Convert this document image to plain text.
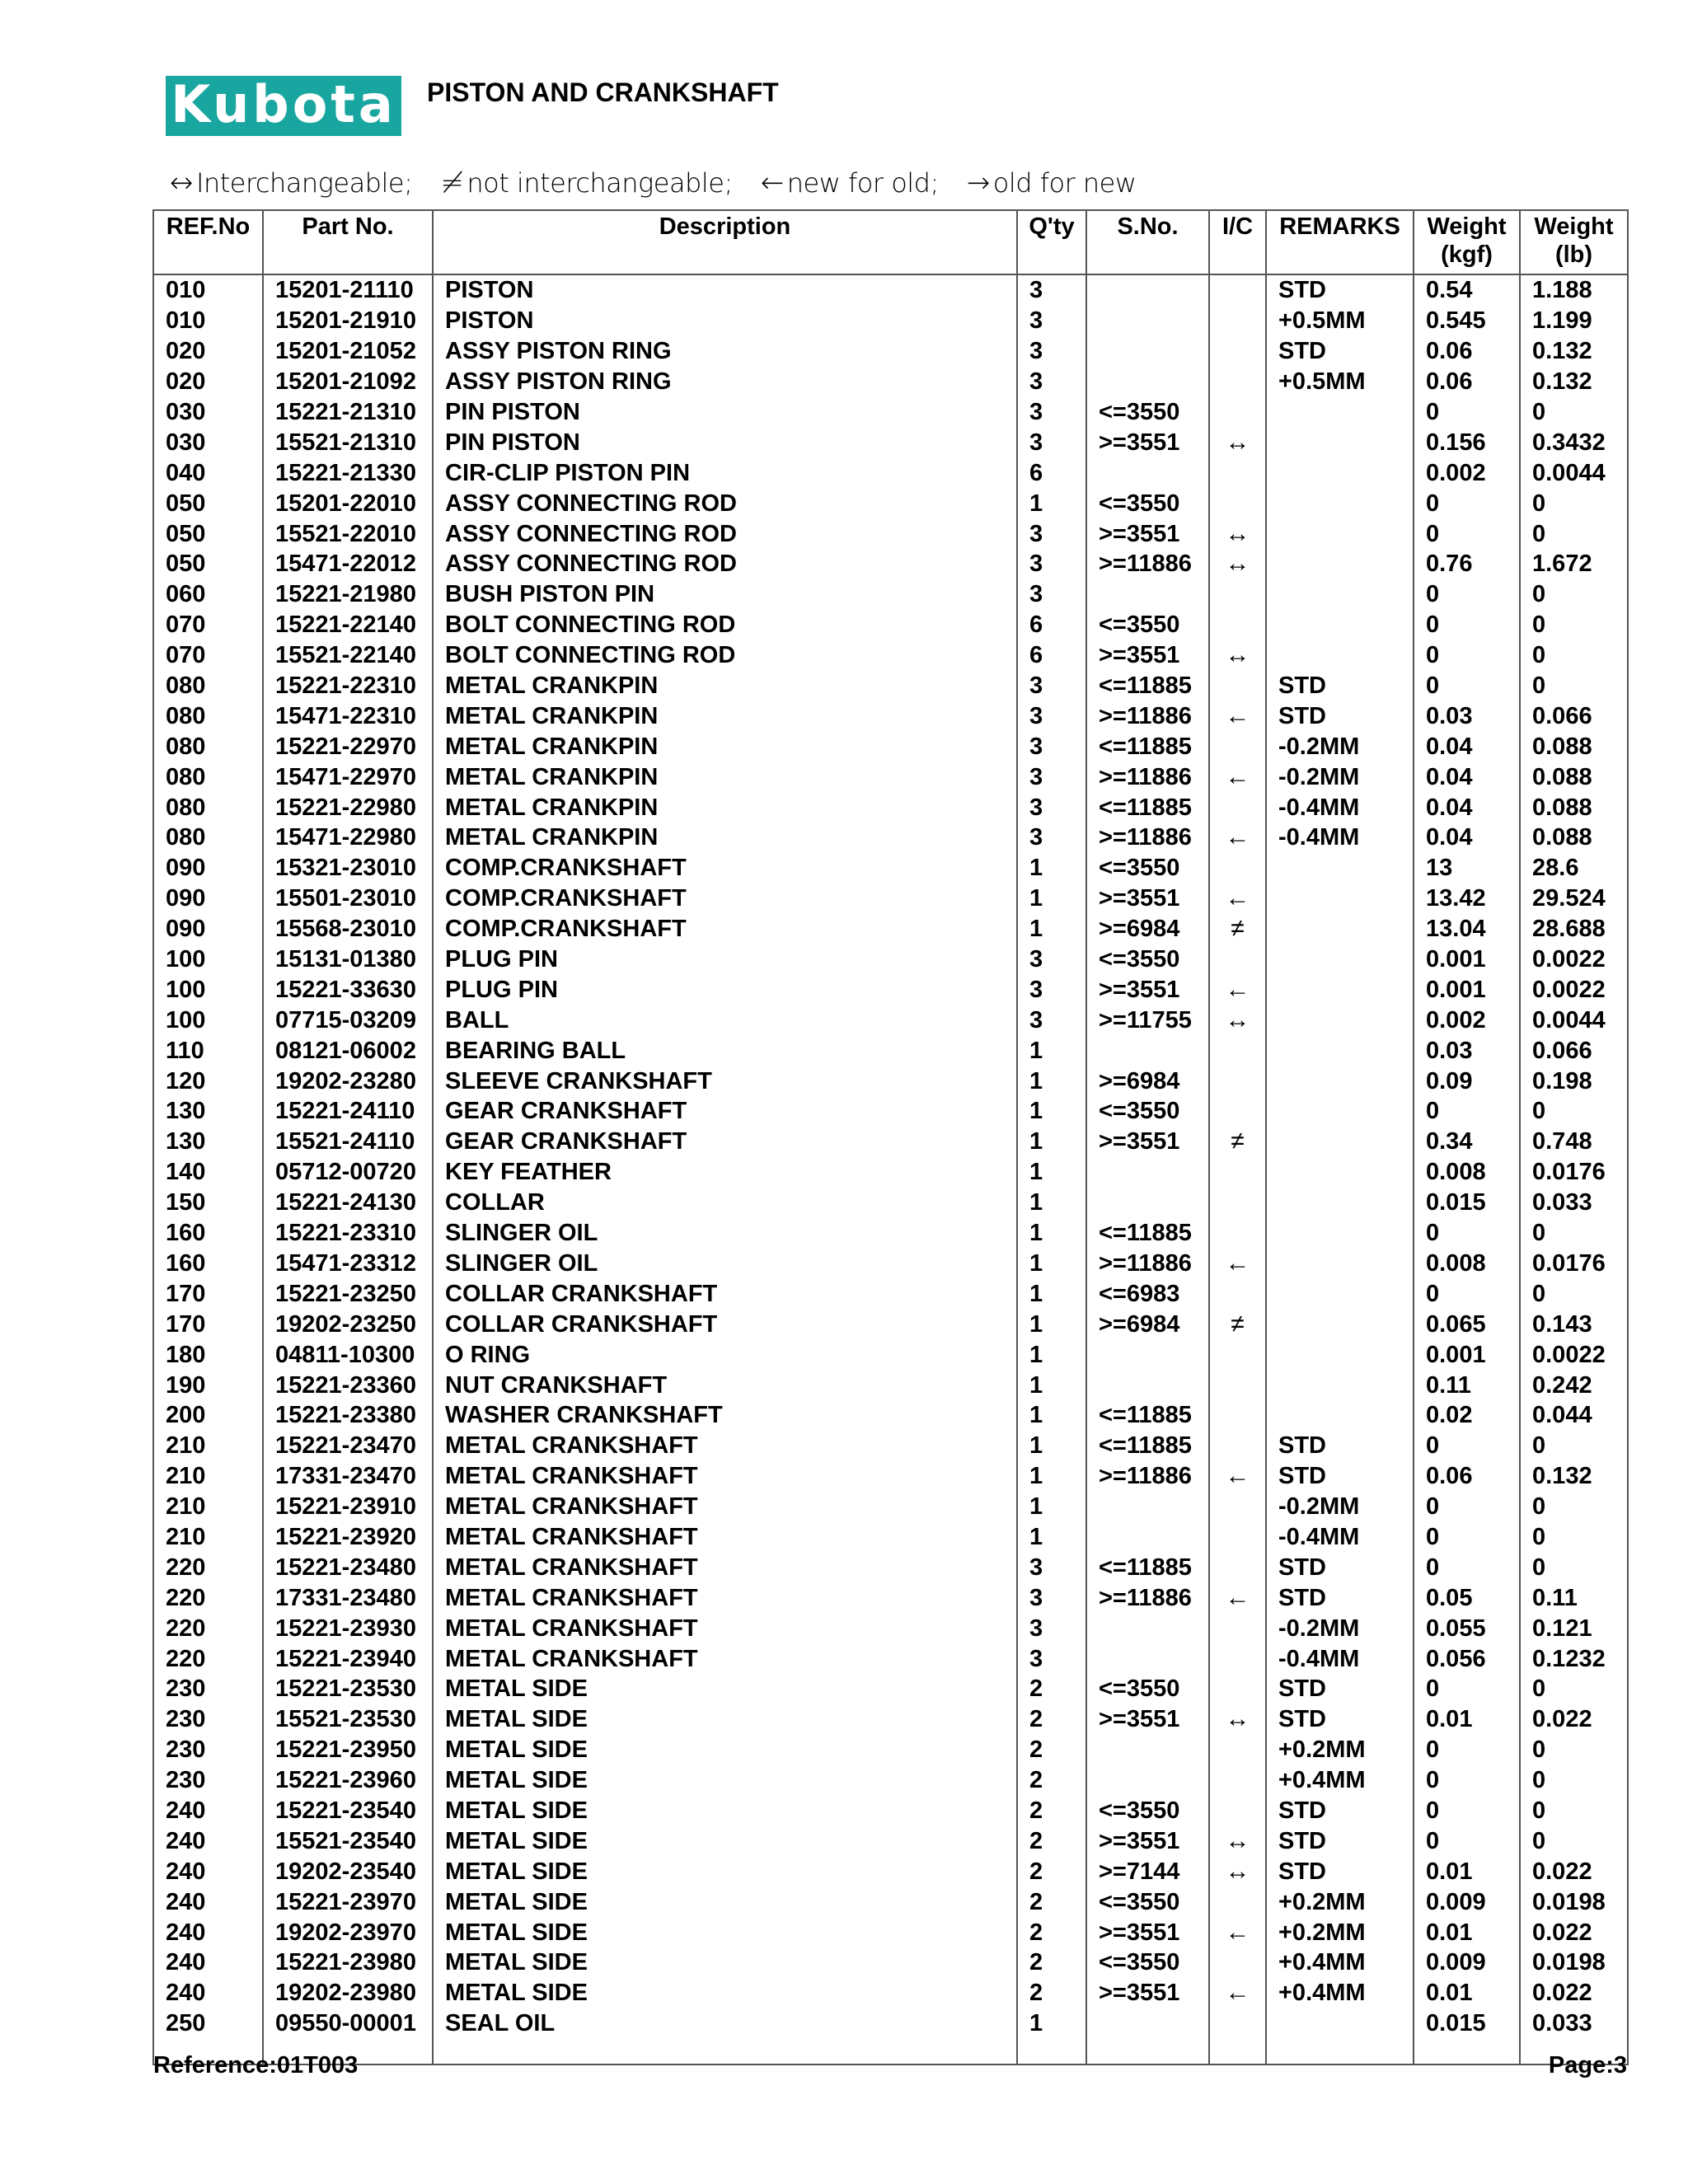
Kubota PISTON AND CRANKSHAFT
↔ Interchangeable; ≠ not interchangeable; ← new for old; → old for new
REF.No	Part No.	Description	Q'ty	S.No.	I/C	REMARKS	Weight (kgf)	Weight (lb)
010	15201-21110	PISTON	3			STD	0.54	1.188
010	15201-21910	PISTON	3			+0.5MM	0.545	1.199
020	15201-21052	ASSY PISTON RING	3			STD	0.06	0.132
020	15201-21092	ASSY PISTON RING	3			+0.5MM	0.06	0.132
030	15221-21310	PIN PISTON	3	<=3550			0	0
030	15521-21310	PIN PISTON	3	>=3551	↔		0.156	0.3432
040	15221-21330	CIR-CLIP PISTON PIN	6				0.002	0.0044
050	15201-22010	ASSY CONNECTING ROD	1	<=3550			0	0
050	15521-22010	ASSY CONNECTING ROD	3	>=3551	↔		0	0
050	15471-22012	ASSY CONNECTING ROD	3	>=11886	↔		0.76	1.672
060	15221-21980	BUSH PISTON PIN	3				0	0
070	15221-22140	BOLT CONNECTING ROD	6	<=3550			0	0
070	15521-22140	BOLT CONNECTING ROD	6	>=3551	↔		0	0
080	15221-22310	METAL CRANKPIN	3	<=11885		STD	0	0
080	15471-22310	METAL CRANKPIN	3	>=11886	←	STD	0.03	0.066
080	15221-22970	METAL CRANKPIN	3	<=11885		-0.2MM	0.04	0.088
080	15471-22970	METAL CRANKPIN	3	>=11886	←	-0.2MM	0.04	0.088
080	15221-22980	METAL CRANKPIN	3	<=11885		-0.4MM	0.04	0.088
080	15471-22980	METAL CRANKPIN	3	>=11886	←	-0.4MM	0.04	0.088
090	15321-23010	COMP.CRANKSHAFT	1	<=3550			13	28.6
090	15501-23010	COMP.CRANKSHAFT	1	>=3551	←		13.42	29.524
090	15568-23010	COMP.CRANKSHAFT	1	>=6984	≠		13.04	28.688
100	15131-01380	PLUG PIN	3	<=3550			0.001	0.0022
100	15221-33630	PLUG PIN	3	>=3551	←		0.001	0.0022
100	07715-03209	BALL	3	>=11755	↔		0.002	0.0044
110	08121-06002	BEARING BALL	1				0.03	0.066
120	19202-23280	SLEEVE CRANKSHAFT	1	>=6984			0.09	0.198
130	15221-24110	GEAR CRANKSHAFT	1	<=3550			0	0
130	15521-24110	GEAR CRANKSHAFT	1	>=3551	≠		0.34	0.748
140	05712-00720	KEY FEATHER	1				0.008	0.0176
150	15221-24130	COLLAR	1				0.015	0.033
160	15221-23310	SLINGER OIL	1	<=11885			0	0
160	15471-23312	SLINGER OIL	1	>=11886	←		0.008	0.0176
170	15221-23250	COLLAR CRANKSHAFT	1	<=6983			0	0
170	19202-23250	COLLAR CRANKSHAFT	1	>=6984	≠		0.065	0.143
180	04811-10300	O RING	1				0.001	0.0022
190	15221-23360	NUT CRANKSHAFT	1				0.11	0.242
200	15221-23380	WASHER CRANKSHAFT	1	<=11885			0.02	0.044
210	15221-23470	METAL CRANKSHAFT	1	<=11885		STD	0	0
210	17331-23470	METAL CRANKSHAFT	1	>=11886	←	STD	0.06	0.132
210	15221-23910	METAL CRANKSHAFT	1			-0.2MM	0	0
210	15221-23920	METAL CRANKSHAFT	1			-0.4MM	0	0
220	15221-23480	METAL CRANKSHAFT	3	<=11885		STD	0	0
220	17331-23480	METAL CRANKSHAFT	3	>=11886	←	STD	0.05	0.11
220	15221-23930	METAL CRANKSHAFT	3			-0.2MM	0.055	0.121
220	15221-23940	METAL CRANKSHAFT	3			-0.4MM	0.056	0.1232
230	15221-23530	METAL SIDE	2	<=3550		STD	0	0
230	15521-23530	METAL SIDE	2	>=3551	↔	STD	0.01	0.022
230	15221-23950	METAL SIDE	2			+0.2MM	0	0
230	15221-23960	METAL SIDE	2			+0.4MM	0	0
240	15221-23540	METAL SIDE	2	<=3550		STD	0	0
240	15521-23540	METAL SIDE	2	>=3551	↔	STD	0	0
240	19202-23540	METAL SIDE	2	>=7144	↔	STD	0.01	0.022
240	15221-23970	METAL SIDE	2	<=3550		+0.2MM	0.009	0.0198
240	19202-23970	METAL SIDE	2	>=3551	←	+0.2MM	0.01	0.022
240	15221-23980	METAL SIDE	2	<=3550		+0.4MM	0.009	0.0198
240	19202-23980	METAL SIDE	2	>=3551	←	+0.4MM	0.01	0.022
250	09550-00001	SEAL OIL	1				0.015	0.033

Reference:01T003	Page:3
